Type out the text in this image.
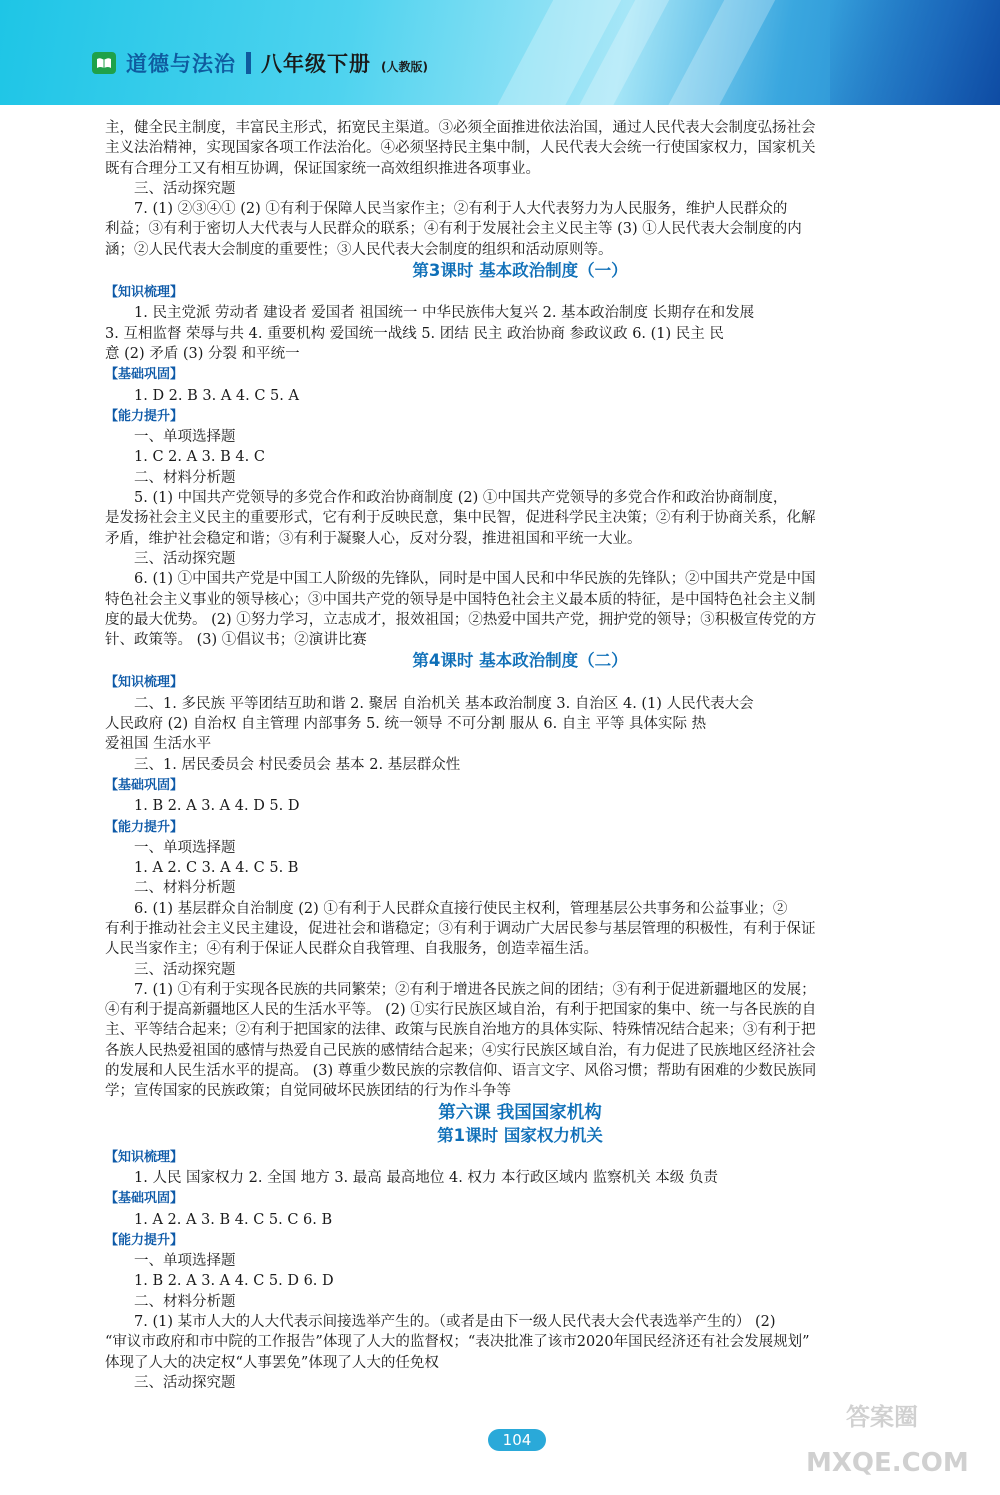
道德与法治 八年级下册 (人教版)

主，健全民主制度，丰富民主形式，拓宽民主渠道。③必须全面推进依法治国，通过人民代表大会制度弘扬社会

主义法治精神，实现国家各项工作法治化。④必须坚持民主集中制，人民代表大会统一行使国家权力，国家机关

既有合理分工又有相互协调，保证国家统一高效组织推进各项事业。

三、活动探究题

7. (1) ②③④① (2) ①有利于保障人民当家作主；②有利于人大代表努力为人民服务，维护人民群众的

利益；③有利于密切人大代表与人民群众的联系；④有利于发展社会主义民主等 (3) ①人民代表大会制度的内

涵；②人民代表大会制度的重要性；③人民代表大会制度的组织和活动原则等。

第3课时 基本政治制度（一）

【知识梳理】

1. 民主党派 劳动者 建设者 爱国者 祖国统一 中华民族伟大复兴 2. 基本政治制度 长期存在和发展

3. 互相监督 荣辱与共 4. 重要机构 爱国统一战线 5. 团结 民主 政治协商 参政议政 6. (1) 民主 民

意 (2) 矛盾 (3) 分裂 和平统一

【基础巩固】

1. D 2. B 3. A 4. C 5. A

【能力提升】

一、单项选择题

1. C 2. A 3. B 4. C

二、材料分析题

5. (1) 中国共产党领导的多党合作和政治协商制度 (2) ①中国共产党领导的多党合作和政治协商制度，

是发扬社会主义民主的重要形式，它有利于反映民意，集中民智，促进科学民主决策；②有利于协商关系，化解

矛盾，维护社会稳定和谐；③有利于凝聚人心，反对分裂，推进祖国和平统一大业。

三、活动探究题

6. (1) ①中国共产党是中国工人阶级的先锋队，同时是中国人民和中华民族的先锋队；②中国共产党是中国

特色社会主义事业的领导核心；③中国共产党的领导是中国特色社会主义最本质的特征，是中国特色社会主义制

度的最大优势。 (2) ①努力学习，立志成才，报效祖国；②热爱中国共产党，拥护党的领导；③积极宣传党的方

针、政策等。 (3) ①倡议书；②演讲比赛

第4课时 基本政治制度（二）

【知识梳理】

二、1. 多民族 平等团结互助和谐 2. 聚居 自治机关 基本政治制度 3. 自治区 4. (1) 人民代表大会

人民政府 (2) 自治权 自主管理 内部事务 5. 统一领导 不可分割 服从 6. 自主 平等 具体实际 热

爱祖国 生活水平

三、1. 居民委员会 村民委员会 基本 2. 基层群众性

【基础巩固】

1. B 2. A 3. A 4. D 5. D

【能力提升】

一、单项选择题

1. A 2. C 3. A 4. C 5. B

二、材料分析题

6. (1) 基层群众自治制度 (2) ①有利于人民群众直接行使民主权利，管理基层公共事务和公益事业；②

有利于推动社会主义民主建设，促进社会和谐稳定；③有利于调动广大居民参与基层管理的积极性，有利于保证

人民当家作主；④有利于保证人民群众自我管理、自我服务，创造幸福生活。

三、活动探究题

7. (1) ①有利于实现各民族的共同繁荣；②有利于增进各民族之间的团结；③有利于促进新疆地区的发展；

④有利于提高新疆地区人民的生活水平等。 (2) ①实行民族区域自治，有利于把国家的集中、统一与各民族的自

主、平等结合起来；②有利于把国家的法律、政策与民族自治地方的具体实际、特殊情况结合起来；③有利于把

各族人民热爱祖国的感情与热爱自己民族的感情结合起来；④实行民族区域自治，有力促进了民族地区经济社会

的发展和人民生活水平的提高。 (3) 尊重少数民族的宗教信仰、语言文字、风俗习惯；帮助有困难的少数民族同

学；宣传国家的民族政策；自觉同破坏民族团结的行为作斗争等

第六课 我国国家机构

第1课时 国家权力机关

【知识梳理】

1. 人民 国家权力 2. 全国 地方 3. 最高 最高地位 4. 权力 本行政区域内 监察机关 本级 负责

【基础巩固】

1. A 2. A 3. B 4. C 5. C 6. B

【能力提升】

一、单项选择题

1. B 2. A 3. A 4. C 5. D 6. D

二、材料分析题

7. (1) 某市人大的人大代表示间接选举产生的。（或者是由下一级人民代表大会代表选举产生的） (2)

“审议市政府和市中院的工作报告”体现了人大的监督权；“表决批准了该市2020年国民经济还有社会发展规划”

体现了人大的决定权“人事罢免”体现了人大的任免权

三、活动探究题

104
答案圈
MXQE.COM
